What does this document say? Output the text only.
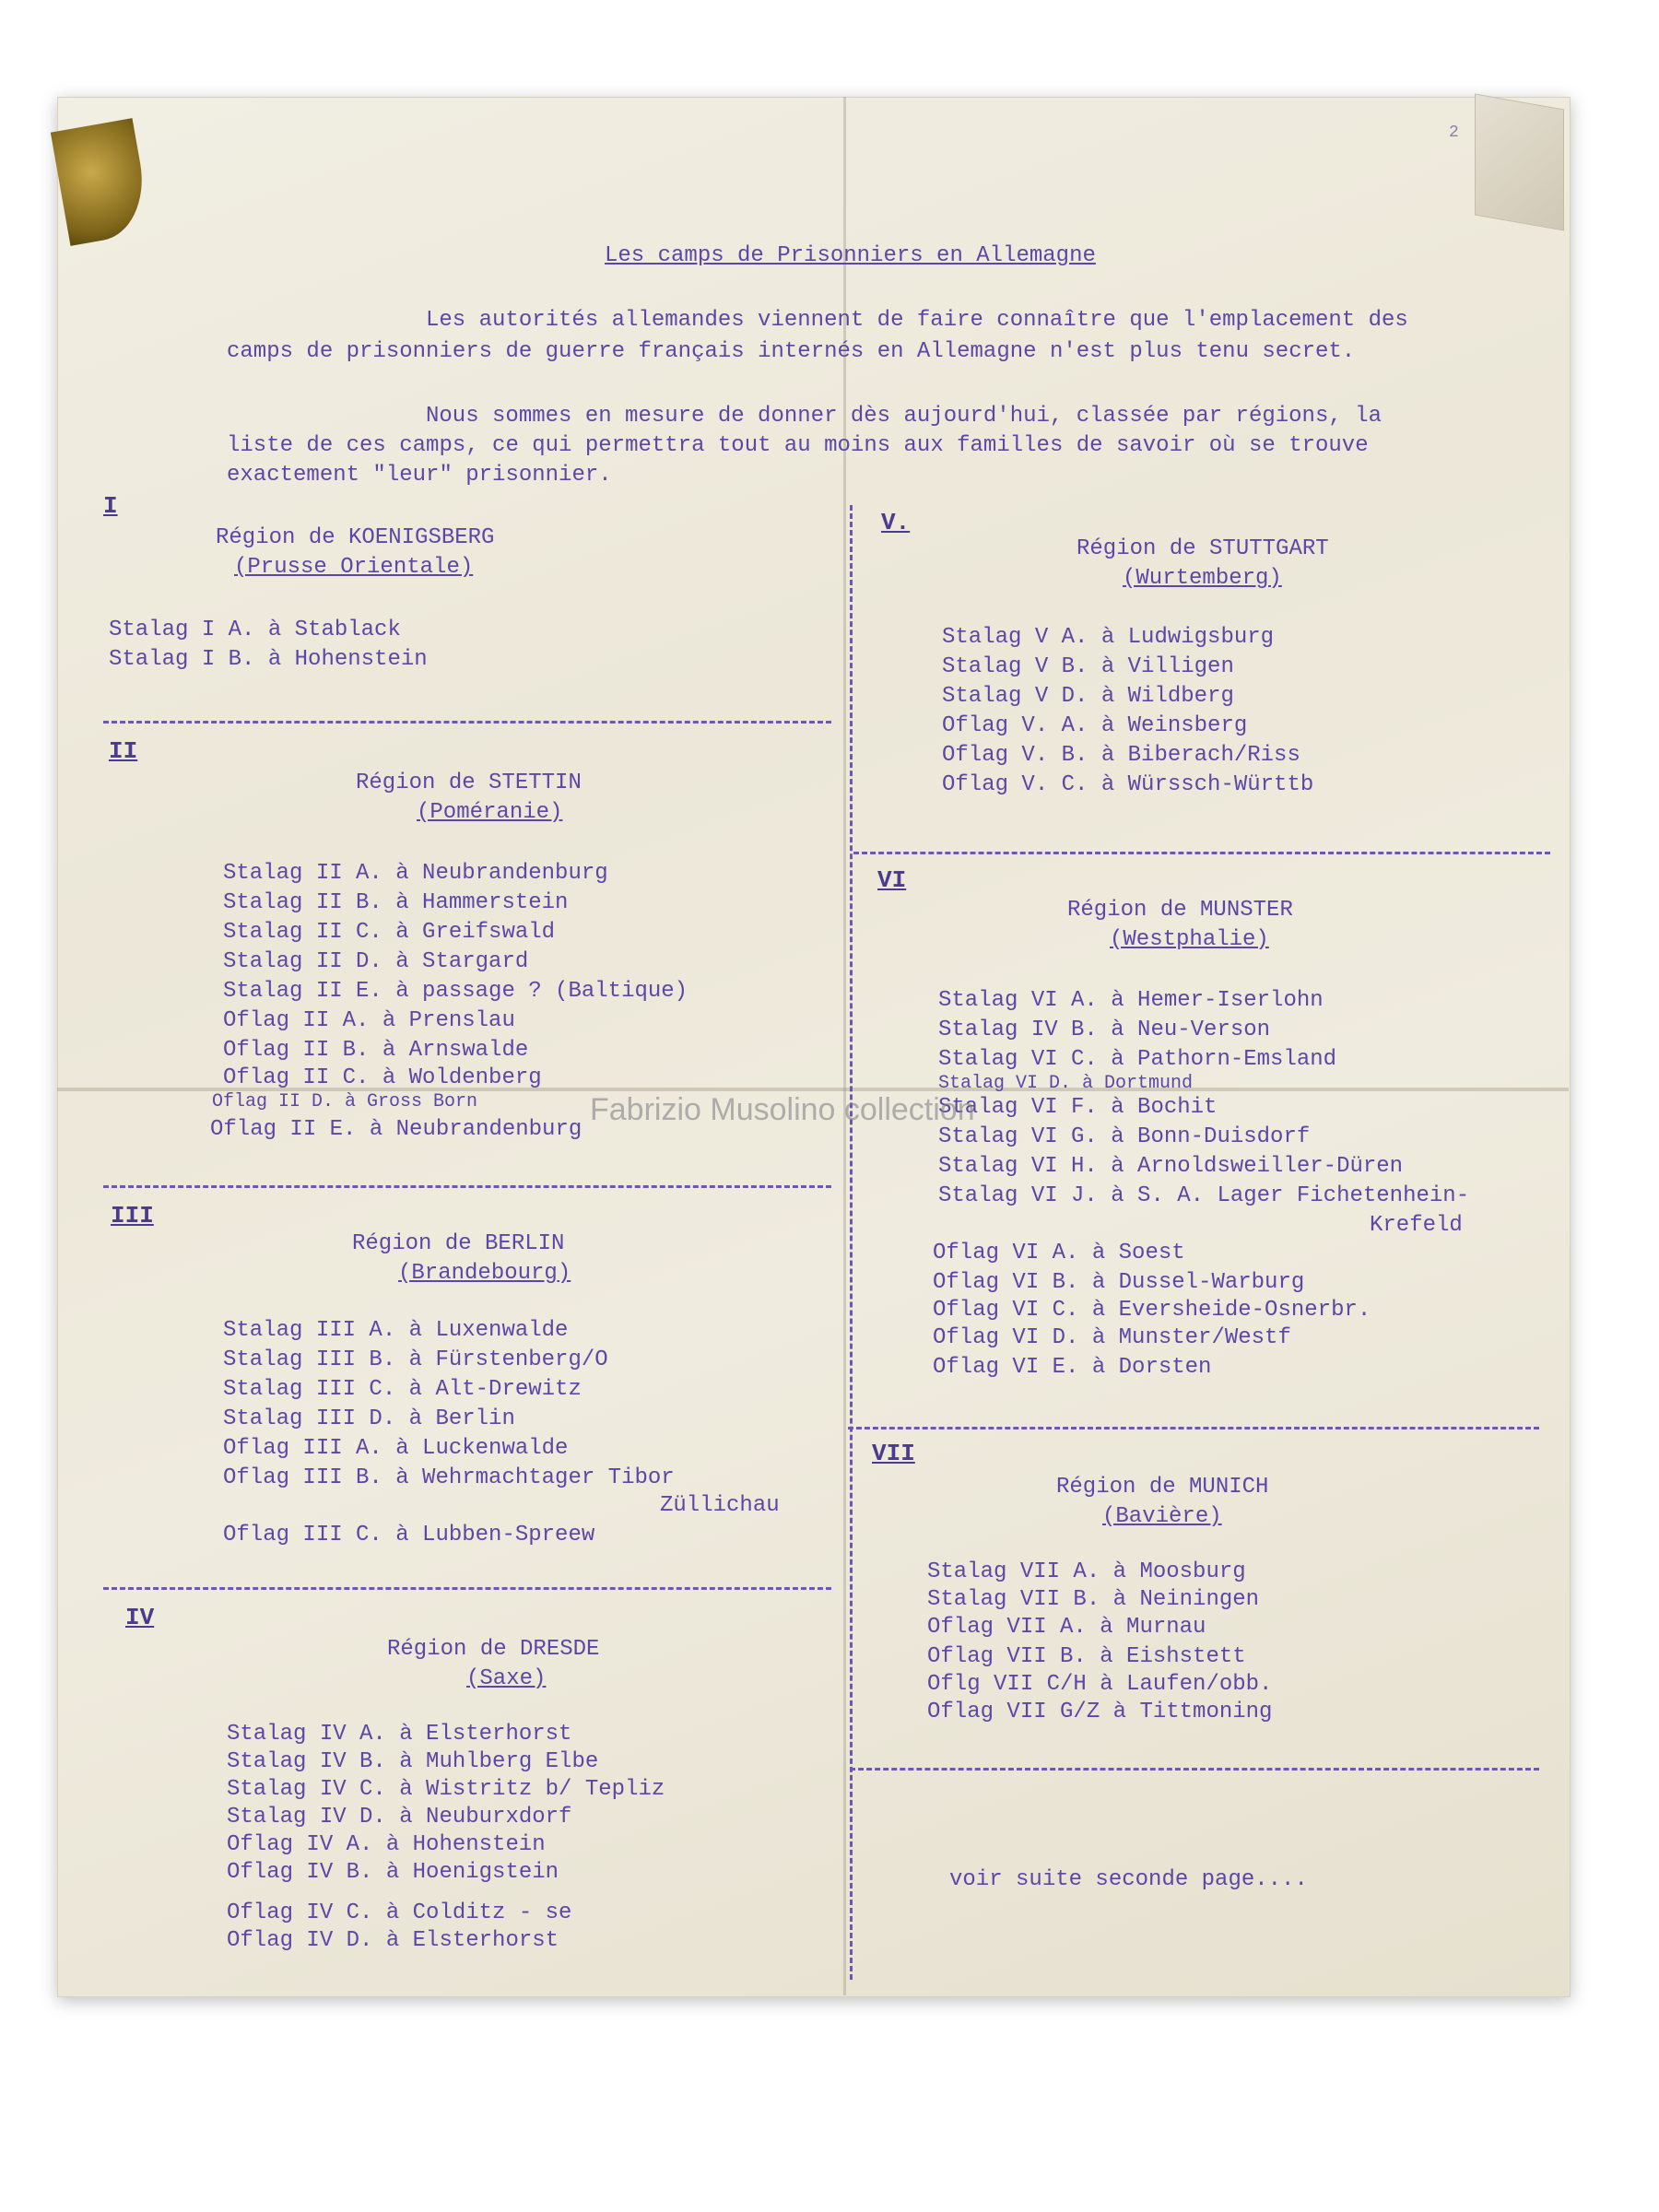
2
Les camps de Prisonniers en Allemagne
Les autorités allemandes viennent de faire connaître que l'emplacement des
camps de prisonniers de guerre français internés en Allemagne n'est plus tenu secret.
Nous sommes en mesure de donner dès aujourd'hui, classée par régions, la
liste de ces camps, ce qui permettra tout au moins aux familles de savoir où se trouve
exactement "leur" prisonnier.
I
Région de KOENIGSBERG
(Prusse Orientale)
Stalag I A. à Stablack
Stalag I B. à Hohenstein
II
Région de STETTIN
(Poméranie)
Stalag II A. à Neubrandenburg
Stalag II B. à Hammerstein
Stalag II C. à Greifswald
Stalag II D. à Stargard
Stalag II E. à passage ? (Baltique)
Oflag II A. à Prenslau
Oflag II B. à Arnswalde
Oflag II C. à Woldenberg
Oflag II D. à Gross Born
Oflag II E. à Neubrandenburg
III
Région de BERLIN
(Brandebourg)
Stalag III A. à Luxenwalde
Stalag III B. à Fürstenberg/O
Stalag III C. à Alt-Drewitz
Stalag III D. à Berlin
Oflag III A. à Luckenwalde
Oflag III B. à Wehrmachtager Tibor
Züllichau
Oflag III C. à Lubben-Spreew
IV
Région de DRESDE
(Saxe)
Stalag IV A. à Elsterhorst
Stalag IV B. à Muhlberg Elbe
Stalag IV C. à Wistritz b/ Tepliz
Stalag IV D. à Neuburxdorf
Oflag IV A. à Hohenstein
Oflag IV B. à Hoenigstein
Oflag IV C. à Colditz - se
Oflag IV D. à Elsterhorst
V.
Région de STUTTGART
(Wurtemberg)
Stalag V A. à Ludwigsburg
Stalag V B. à Villigen
Stalag V D. à Wildberg
Oflag V. A. à Weinsberg
Oflag V. B. à Biberach/Riss
Oflag V. C. à Würssch-Württb
VI
Région de MUNSTER
(Westphalie)
Stalag VI A. à Hemer-Iserlohn
Stalag IV B. à Neu-Verson
Stalag VI C. à Pathorn-Emsland
Stalag VI D. à Dortmund
Stalag VI F. à Bochit
Stalag VI G. à Bonn-Duisdorf
Stalag VI H. à Arnoldsweiller-Düren
Stalag VI J. à S. A. Lager Fichetenhein-
Krefeld
Oflag VI A. à Soest
Oflag VI B. à Dussel-Warburg
Oflag VI C. à Eversheide-Osnerbr.
Oflag VI D. à Munster/Westf
Oflag VI E. à Dorsten
VII
Région de MUNICH
(Bavière)
Stalag VII A. à Moosburg
Stalag VII B. à Neiningen
Oflag VII A. à Murnau
Oflag VII B. à Eishstett
Oflg VII C/H à Laufen/obb.
Oflag VII G/Z à Tittmoning
voir suite seconde page....
Fabrizio Musolino collection
